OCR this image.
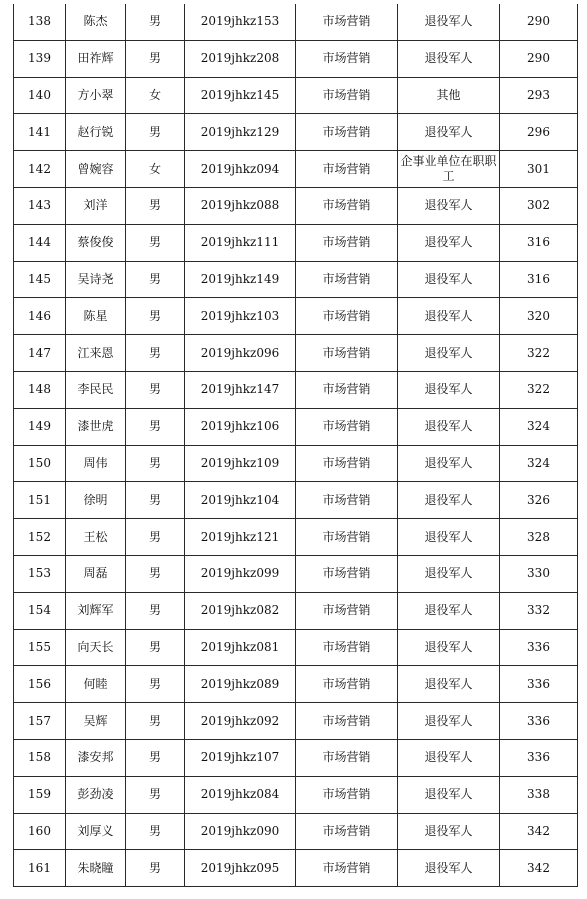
138	陈杰	男	2019jhkz153	市场营销	退役军人	290
139	田祚辉	男	2019jhkz208	市场营销	退役军人	290
140	方小翠	女	2019jhkz145	市场营销	其他	293
141	赵行锐	男	2019jhkz129	市场营销	退役军人	296
142	曾婉容	女	2019jhkz094	市场营销	企事业单位在职职工	301
143	刘洋	男	2019jhkz088	市场营销	退役军人	302
144	蔡俊俊	男	2019jhkz111	市场营销	退役军人	316
145	吴诗尧	男	2019jhkz149	市场营销	退役军人	316
146	陈星	男	2019jhkz103	市场营销	退役军人	320
147	江来恩	男	2019jhkz096	市场营销	退役军人	322
148	李民民	男	2019jhkz147	市场营销	退役军人	322
149	漆世虎	男	2019jhkz106	市场营销	退役军人	324
150	周伟	男	2019jhkz109	市场营销	退役军人	324
151	徐明	男	2019jhkz104	市场营销	退役军人	326
152	王松	男	2019jhkz121	市场营销	退役军人	328
153	周磊	男	2019jhkz099	市场营销	退役军人	330
154	刘辉军	男	2019jhkz082	市场营销	退役军人	332
155	向天长	男	2019jhkz081	市场营销	退役军人	336
156	何睦	男	2019jhkz089	市场营销	退役军人	336
157	吴辉	男	2019jhkz092	市场营销	退役军人	336
158	漆安邦	男	2019jhkz107	市场营销	退役军人	336
159	彭劲凌	男	2019jhkz084	市场营销	退役军人	338
160	刘厚义	男	2019jhkz090	市场营销	退役军人	342
161	朱晓瞳	男	2019jhkz095	市场营销	退役军人	342
